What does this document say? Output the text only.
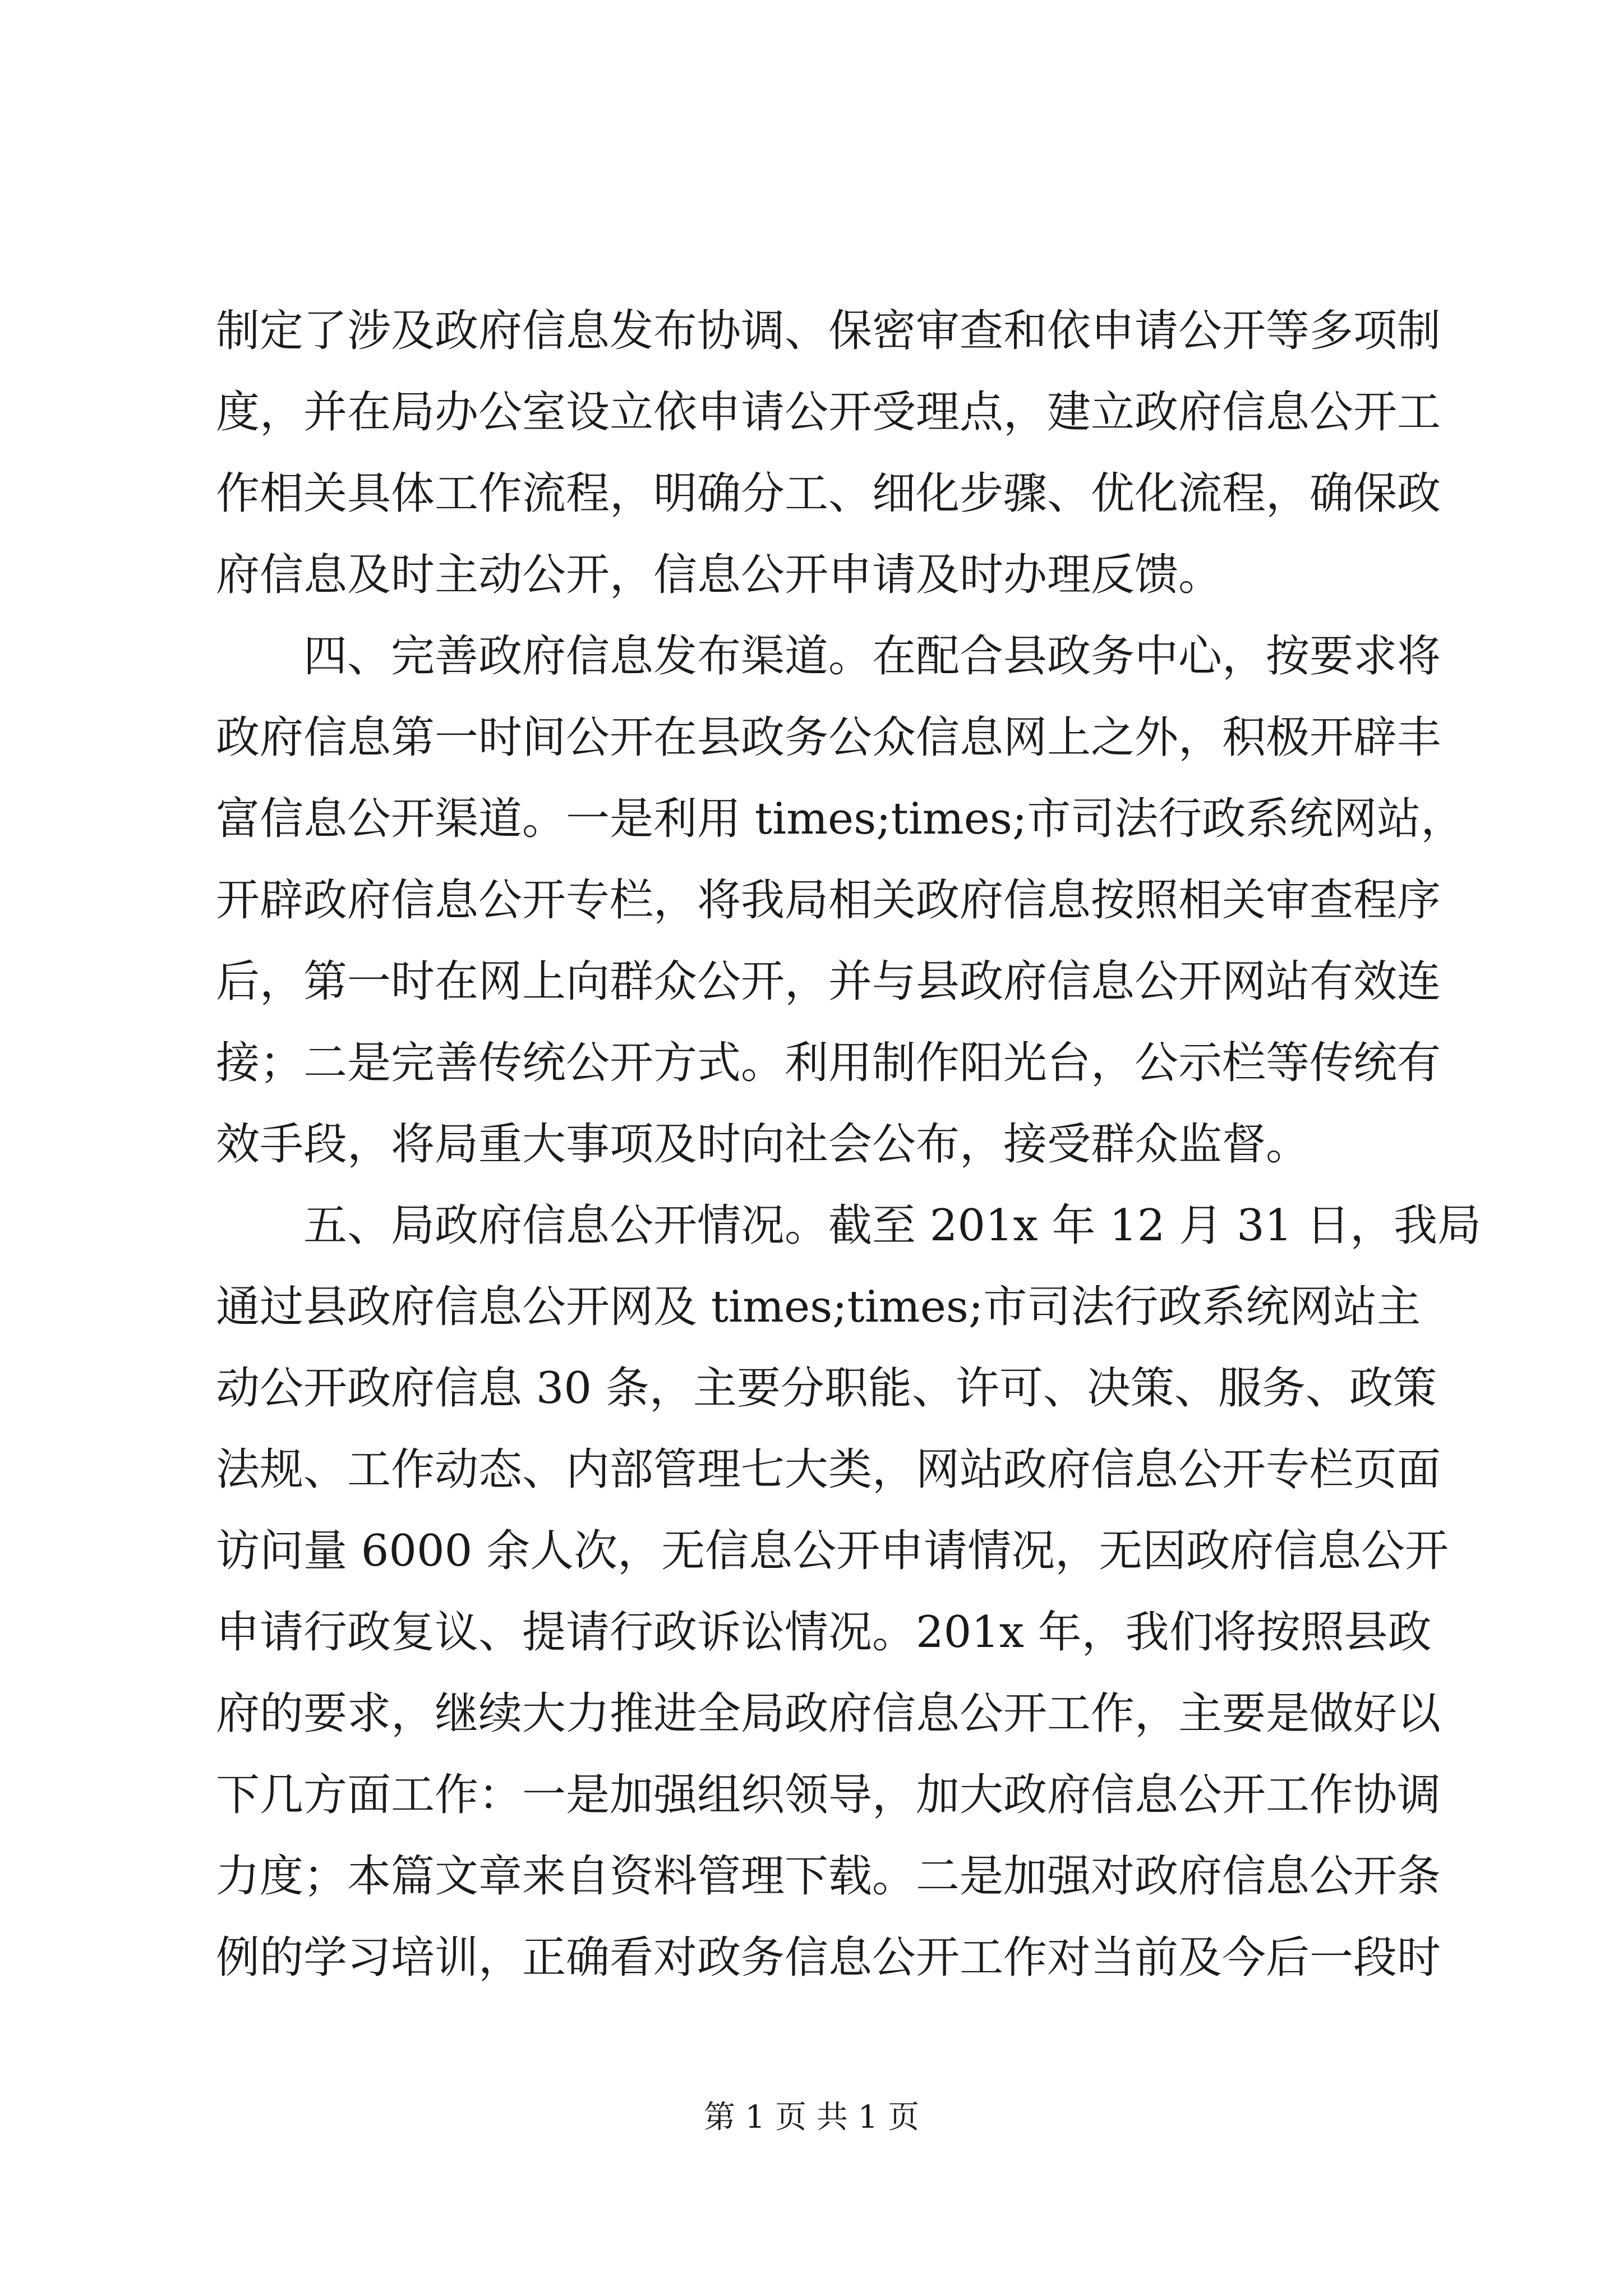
制定了涉及政府信息发布协调、保密审查和依申请公开等多项制
度，并在局办公室设立依申请公开受理点，建立政府信息公开工
作相关具体工作流程，明确分工、细化步骤、优化流程，确保政
府信息及时主动公开，信息公开申请及时办理反馈。
四、完善政府信息发布渠道。在配合县政务中心，按要求将
政府信息第一时间公开在县政务公众信息网上之外，积极开辟丰
富信息公开渠道。一是利用 times;times;市司法行政系统网站，
开辟政府信息公开专栏，将我局相关政府信息按照相关审查程序
后，第一时在网上向群众公开，并与县政府信息公开网站有效连
接；二是完善传统公开方式。利用制作阳光台，公示栏等传统有
效手段，将局重大事项及时向社会公布，接受群众监督。
五、局政府信息公开情况。截至 201x 年 12 月 31 日，我局
通过县政府信息公开网及 times;times;市司法行政系统网站主
动公开政府信息 30 条，主要分职能、许可、决策、服务、政策
法规、工作动态、内部管理七大类，网站政府信息公开专栏页面
访问量 6000 余人次，无信息公开申请情况，无因政府信息公开
申请行政复议、提请行政诉讼情况。201x 年，我们将按照县政
府的要求，继续大力推进全局政府信息公开工作，主要是做好以
下几方面工作：一是加强组织领导，加大政府信息公开工作协调
力度；本篇文章来自资料管理下载。二是加强对政府信息公开条
例的学习培训，正确看对政务信息公开工作对当前及今后一段时
第 1 页 共 1 页
